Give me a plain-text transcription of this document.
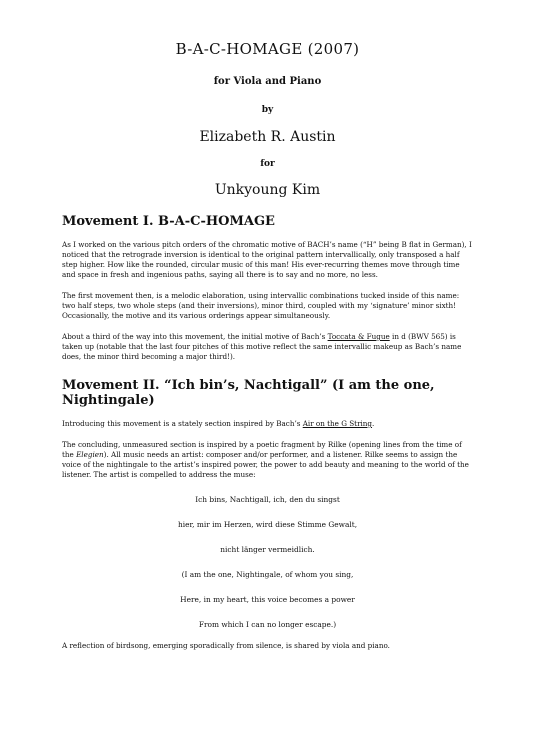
B-A-C-HOMAGE (2007)
for Viola and Piano
by
Elizabeth R. Austin
for
Unkyoung Kim
Movement I. B-A-C-HOMAGE

As I worked on the various pitch orders of the chromatic motive of BACH’s name (“H” being B flat in German), I noticed that the retrograde inversion is identical to the original pattern intervallically, only transposed a half step higher. How like the rounded, circular music of this man! His ever-recurring themes move through time and space in fresh and ingenious paths, saying all there is to say and no more, no less.

The first movement then, is a melodic elaboration, using intervallic combinations tucked inside of this name: two half steps, two whole steps (and their inversions), minor third, coupled with my ‘signature’ minor sixth! Occasionally, the motive and its various orderings appear simultaneously.

About a third of the way into this movement, the initial motive of Bach’s Toccata & Fugue in d (BWV 565) is taken up (notable that the last four pitches of this motive reflect the same intervallic makeup as Bach’s name does, the minor third becoming a major third!).

Movement II. “Ich bin’s, Nachtigall” (I am the one, Nightingale)

Introducing this movement is a stately section inspired by Bach’s Air on the G String.

The concluding, unmeasured section is inspired by a poetic fragment by Rilke (opening lines from the time of the Elegien). All music needs an artist: composer and/or performer, and a listener. Rilke seems to assign the voice of the nightingale to the artist’s inspired power, the power to add beauty and meaning to the world of the listener. The artist is compelled to address the muse:

Ich bins, Nachtigall, ich, den du singst
hier, mir im Herzen, wird diese Stimme Gewalt,
nicht länger vermeidlich.
(I am the one, Nightingale, of whom you sing,
Here, in my heart, this voice becomes a power
From which I can no longer escape.)

A reflection of birdsong, emerging sporadically from silence, is shared by viola and piano.
